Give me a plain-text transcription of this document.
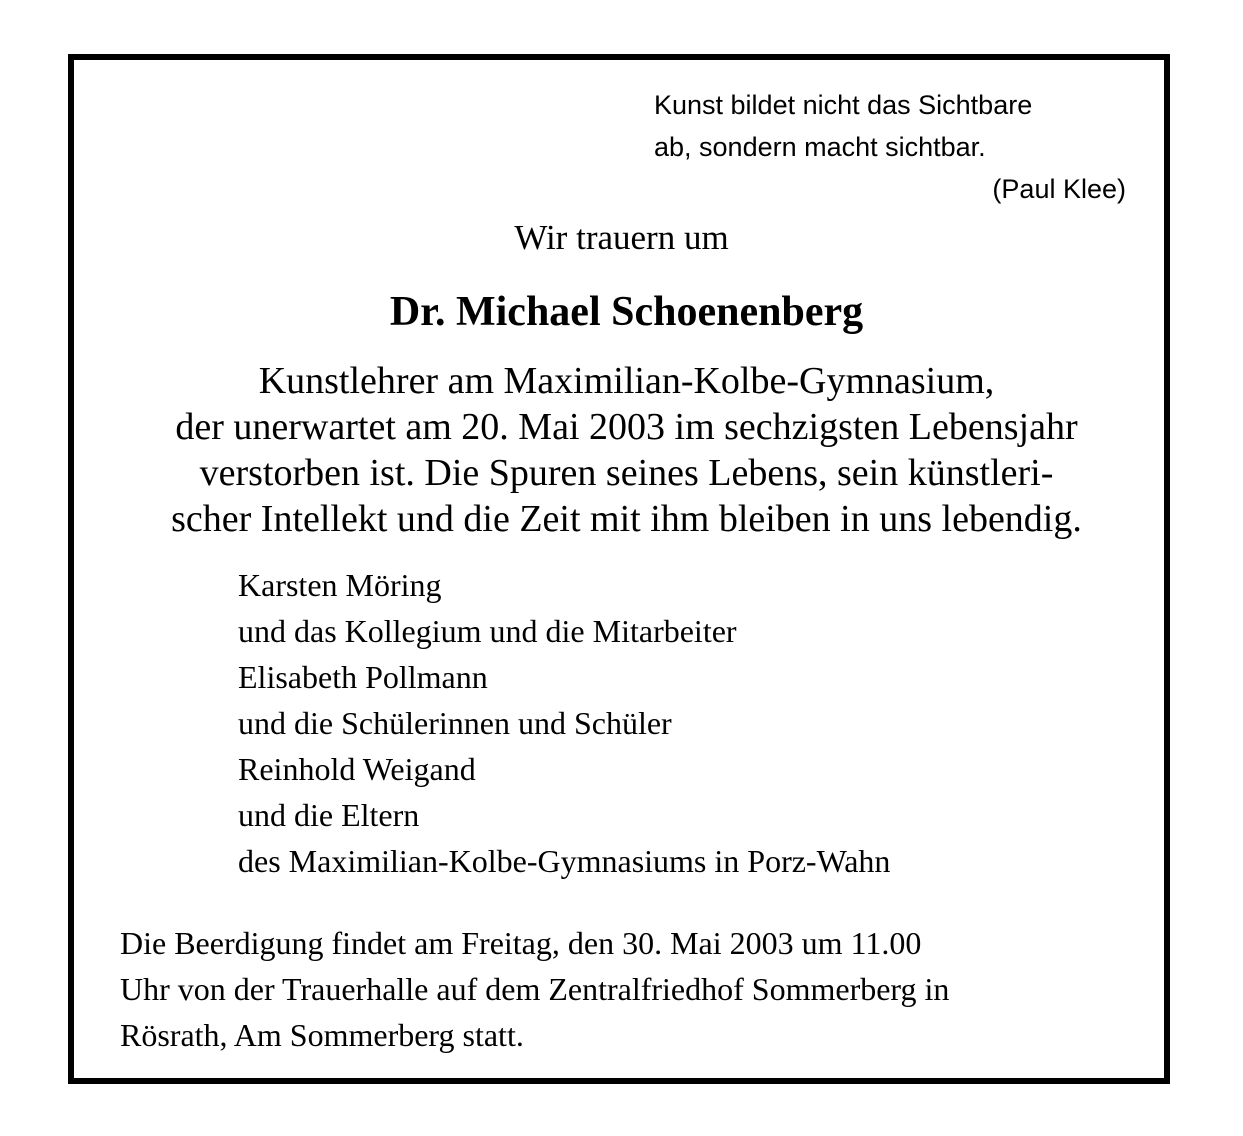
Kunst bildet nicht das Sichtbare
ab, sondern macht sichtbar.
(Paul Klee)
Wir trauern um
Dr. Michael Schoenenberg
Kunstlehrer am Maximilian-Kolbe-Gymnasium,
der unerwartet am 20. Mai 2003 im sechzigsten Lebensjahr
verstorben ist. Die Spuren seines Lebens, sein künstleri-
scher Intellekt und die Zeit mit ihm bleiben in uns lebendig.
Karsten Möring
und das Kollegium und die Mitarbeiter
Elisabeth Pollmann
und die Schülerinnen und Schüler
Reinhold Weigand
und die Eltern
des Maximilian-Kolbe-Gymnasiums in Porz-Wahn
Die Beerdigung findet am Freitag, den 30. Mai 2003 um 11.00
Uhr von der Trauerhalle auf dem Zentralfriedhof Sommerberg in
Rösrath, Am Sommerberg statt.
